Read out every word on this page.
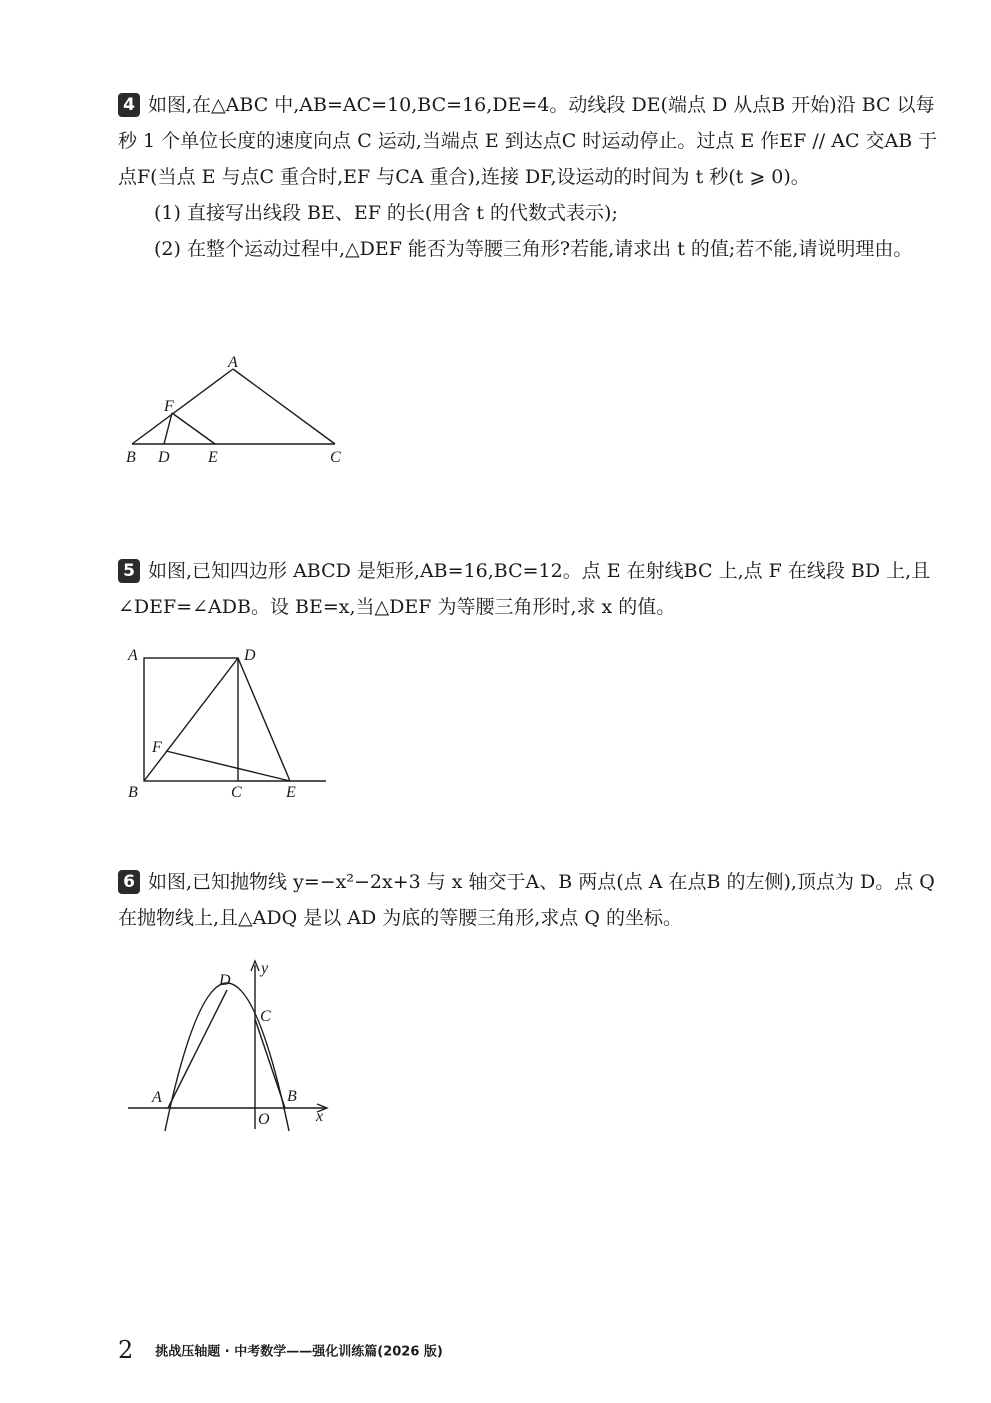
4 如图,在△ABC 中,AB=AC=10,BC=16,DE=4。动线段 DE(端点 D 从点B 开始)沿 BC 以每秒 1 个单位长度的速度向点 C 运动,当端点 E 到达点C 时运动停止。过点 E 作EF // AC 交AB 于点F(当点 E 与点C 重合时,EF 与CA 重合),连接 DF,设运动的时间为 t 秒(t ⩾ 0)。

(1) 直接写出线段 BE、EF 的长(用含 t 的代数式表示);

(2) 在整个运动过程中,△DEF 能否为等腰三角形?若能,请求出 t 的值;若不能,请说明理由。

A
B	C
D E
F

5 如图,已知四边形 ABCD 是矩形,AB=16,BC=12。点 E 在射线BC 上,点 F 在线段 BD 上,且∠DEF=∠ADB。设 BE=x,当△DEF 为等腰三角形时,求 x 的值。

A	D
B	C	E
F

6 如图,已知抛物线 y=−x²−2x+3 与 x 轴交于A、B 两点(点 A 在点B 的左侧),顶点为 D。点 Q 在抛物线上,且△ADQ 是以 AD 为底的等腰三角形,求点 Q 的坐标。

D
C
A	B
O	x
y
2 挑战压轴题 · 中考数学——强化训练篇(2026 版)
